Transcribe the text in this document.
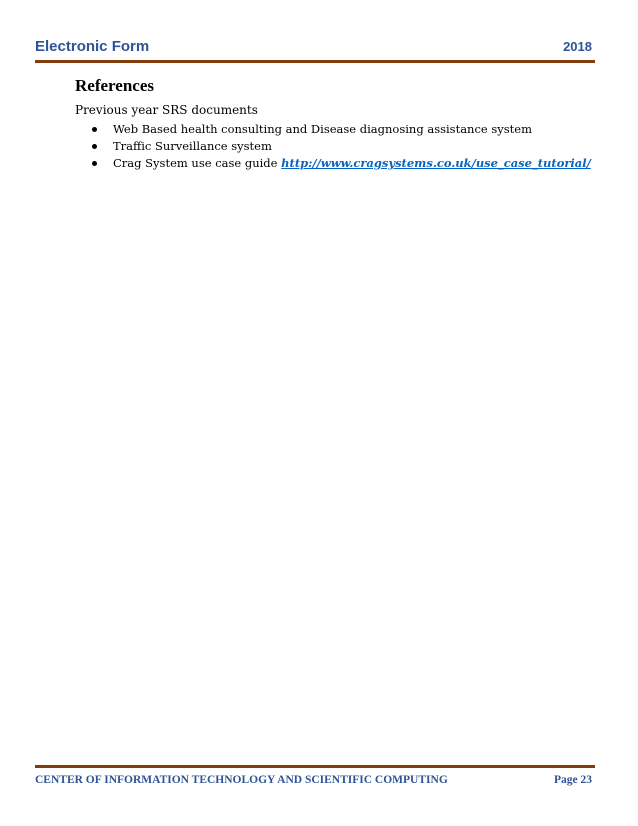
Electronic Form	2018
References

Previous year SRS documents

Web Based health consulting and Disease diagnosing assistance system
Traffic Surveillance system
Crag System use case guide http://www.cragsystems.co.uk/use_case_tutorial/
CENTER OF INFORMATION TECHNOLOGY AND SCIENTIFIC COMPUTING	Page 23
